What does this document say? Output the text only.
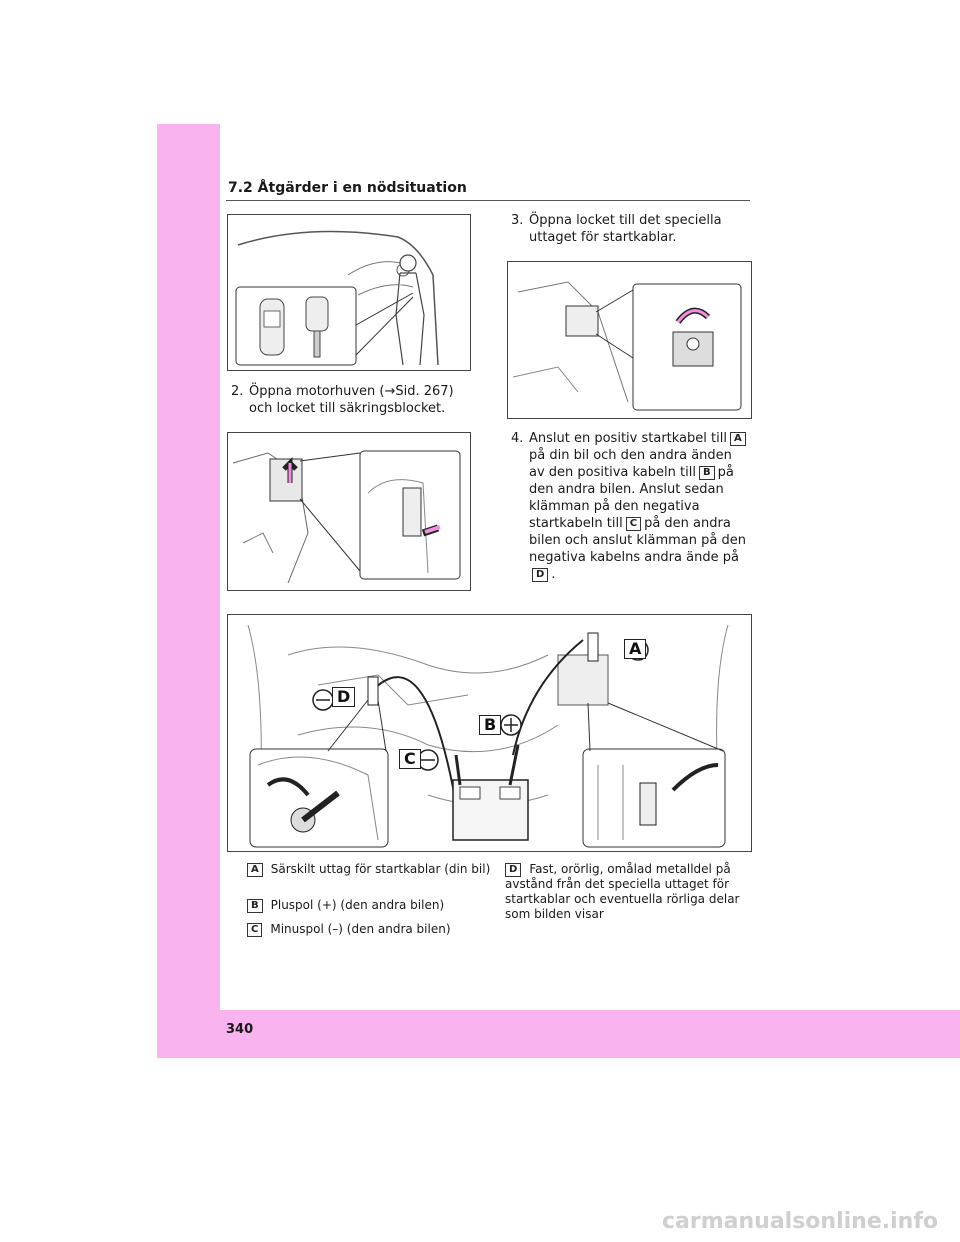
7.2 Åtgärder i en nödsituation
2. Öppna motorhuven (→Sid. 267) och locket till säkringsblocket.
3. Öppna locket till det speciella uttaget för startkablar.
4. Anslut en positiv startkabel till Apå din bil och den andra änden av den positiva kabeln till B på den andra bilen. Anslut sedan klämman på den negativa startkabeln till C på den andra bilen och anslut klämman på den negativa kabelns andra ände påD .
A
D
B
C
A Särskilt uttag för startkablar (din bil)
B Pluspol (+) (den andra bilen)
C Minuspol (–) (den andra bilen)
D Fast, orörlig, omålad metalldel på avstånd från det speciella uttaget för startkablar och eventuella rörliga delar som bilden visar
340
carmanualsonline.info
